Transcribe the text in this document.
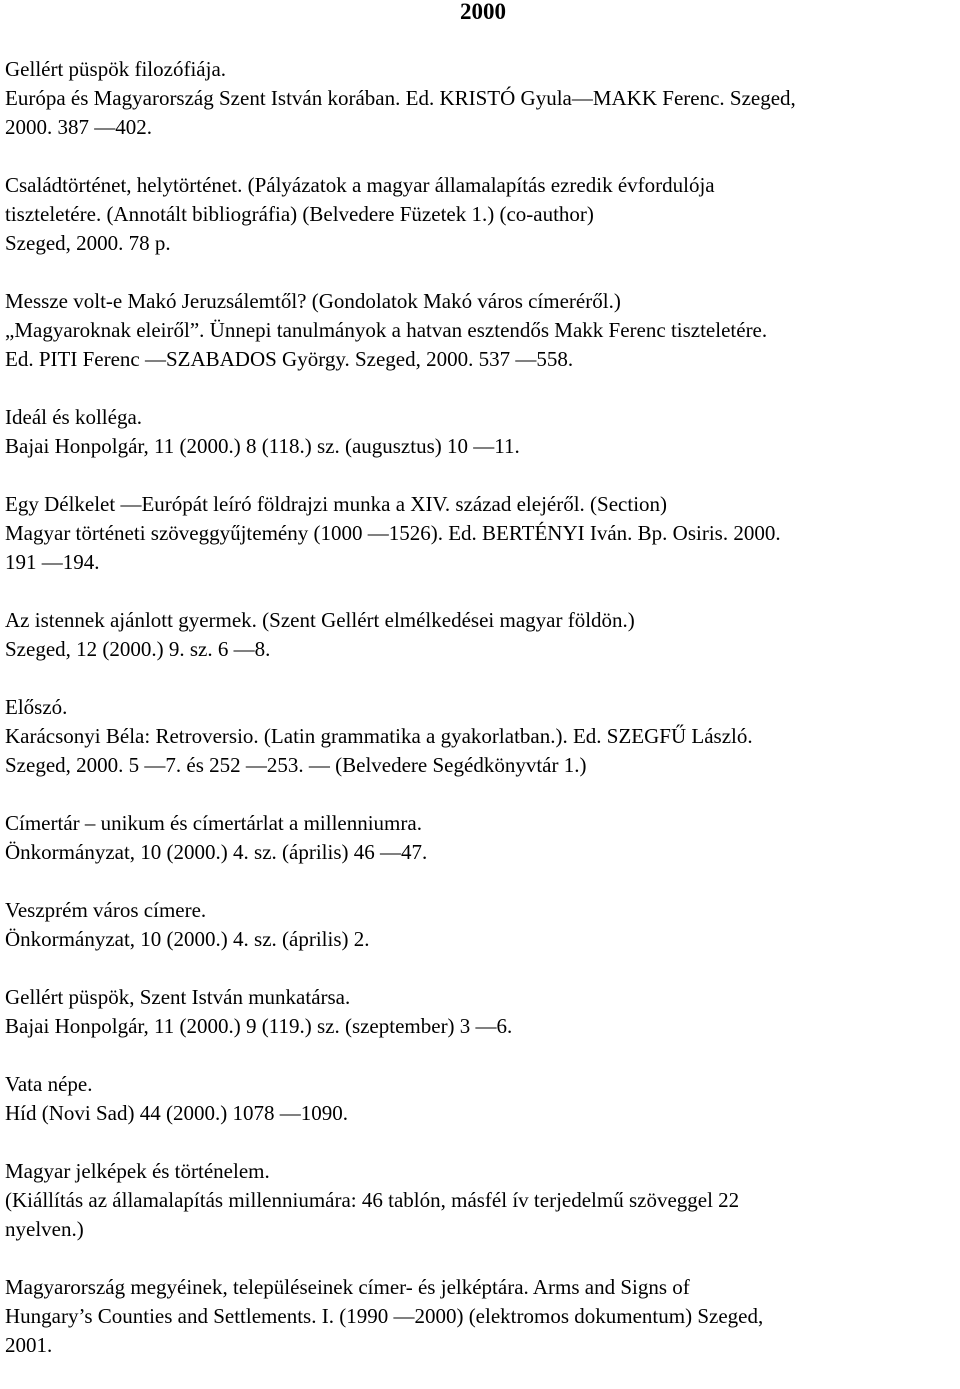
2000
Gellért püspök filozófiája.
Európa és Magyarország Szent István korában. Ed. KRISTÓ Gyula—MAKK Ferenc. Szeged,
2000. 387 —402.
Családtörténet, helytörténet. (Pályázatok a magyar államalapítás ezredik évfordulója
tiszteletére. (Annotált bibliográfia) (Belvedere Füzetek 1.) (co-author)
Szeged, 2000. 78 p.
Messze volt-e Makó Jeruzsálemtől? (Gondolatok Makó város címeréről.)
„Magyaroknak eleiről”. Ünnepi tanulmányok a hatvan esztendős Makk Ferenc tiszteletére.
Ed. PITI Ferenc —SZABADOS György. Szeged, 2000. 537 —558.
Ideál és kolléga.
Bajai Honpolgár, 11 (2000.) 8 (118.) sz. (augusztus) 10 —11.
Egy Délkelet —Európát leíró földrajzi munka a XIV. század elejéről. (Section)
Magyar történeti szöveggyűjtemény (1000 —1526). Ed. BERTÉNYI Iván. Bp. Osiris. 2000.
191 —194.
Az istennek ajánlott gyermek. (Szent Gellért elmélkedései magyar földön.)
Szeged, 12 (2000.) 9. sz. 6 —8.
Előszó.
Karácsonyi Béla: Retroversio. (Latin grammatika a gyakorlatban.). Ed. SZEGFŰ László.
Szeged, 2000. 5 —7. és 252 —253. — (Belvedere Segédkönyvtár 1.)
Címertár – unikum és címertárlat a millenniumra.
Önkormányzat, 10 (2000.) 4. sz. (április) 46 —47.
Veszprém város címere.
Önkormányzat, 10 (2000.) 4. sz. (április) 2.
Gellért püspök, Szent István munkatársa.
Bajai Honpolgár, 11 (2000.) 9 (119.) sz. (szeptember) 3 —6.
Vata népe.
Híd (Novi Sad) 44 (2000.) 1078 —1090.
Magyar jelképek és történelem.
(Kiállítás az államalapítás millenniumára: 46 tablón, másfél ív terjedelmű szöveggel 22
nyelven.)
Magyarország megyéinek, településeinek címer- és jelképtára. Arms and Signs of
Hungary’s Counties and Settlements. I. (1990 —2000) (elektromos dokumentum) Szeged,
2001.
